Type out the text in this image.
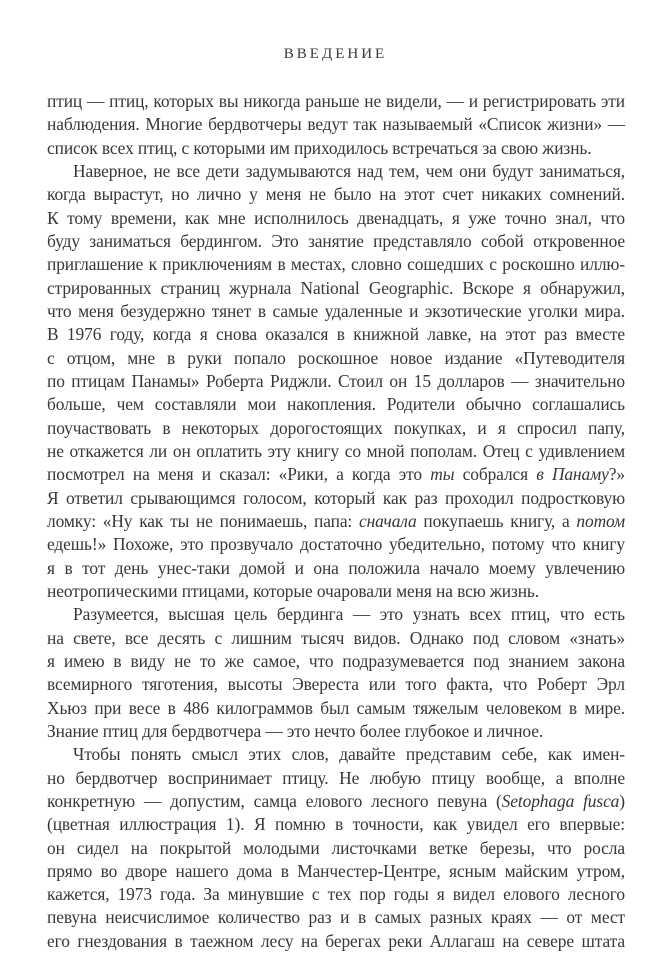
ВВЕДЕНИЕ
птиц — птиц, которых вы никогда раньше не видели, — и регистрировать эти
наблюдения. Многие бердвотчеры ведут так называемый «Список жизни» —
список всех птиц, с которыми им приходилось встречаться за свою жизнь.
Наверное, не все дети задумываются над тем, чем они будут заниматься,
когда вырастут, но лично у меня не было на этот счет никаких сомнений.
К тому времени, как мне исполнилось двенадцать, я уже точно знал, что
буду заниматься бердингом. Это занятие представляло собой откровенное
приглашение к приключениям в местах, словно сошедших с роскошно иллю-
стрированных страниц журнала National Geographic. Вскоре я обнаружил,
что меня безудержно тянет в самые удаленные и экзотические уголки мира.
В 1976 году, когда я снова оказался в книжной лавке, на этот раз вместе
с отцом, мне в руки попало роскошное новое издание «Путеводителя
по птицам Панамы» Роберта Риджли. Стоил он 15 долларов — значительно
больше, чем составляли мои накопления. Родители обычно соглашались
поучаствовать в некоторых дорогостоящих покупках, и я спросил папу,
не откажется ли он оплатить эту книгу со мной пополам. Отец с удивлением
посмотрел на меня и сказал: «Рики, а когда это ты собрался в Панаму?»
Я ответил срывающимся голосом, который как раз проходил подростковую
ломку: «Ну как ты не понимаешь, папа: сначала покупаешь книгу, а потом
едешь!» Похоже, это прозвучало достаточно убедительно, потому что книгу
я в тот день унес-таки домой и она положила начало моему увлечению
неотропическими птицами, которые очаровали меня на всю жизнь.
Разумеется, высшая цель бердинга — это узнать всех птиц, что есть
на свете, все десять с лишним тысяч видов. Однако под словом «знать»
я имею в виду не то же самое, что подразумевается под знанием закона
всемирного тяготения, высоты Эвереста или того факта, что Роберт Эрл
Хьюз при весе в 486 килограммов был самым тяжелым человеком в мире.
Знание птиц для бердвотчера — это нечто более глубокое и личное.
Чтобы понять смысл этих слов, давайте представим себе, как имен-
но бердвотчер воспринимает птицу. Не любую птицу вообще, а вполне
конкретную — допустим, самца елового лесного певуна (Setophaga fusca)
(цветная иллюстрация 1). Я помню в точности, как увидел его впервые:
он сидел на покрытой молодыми листочками ветке березы, что росла
прямо во дворе нашего дома в Манчестер-Центре, ясным майским утром,
кажется, 1973 года. За минувшие с тех пор годы я видел елового лесного
певуна неисчислимое количество раз и в самых разных краях — от мест
его гнездования в таежном лесу на берегах реки Аллагаш на севере штата
